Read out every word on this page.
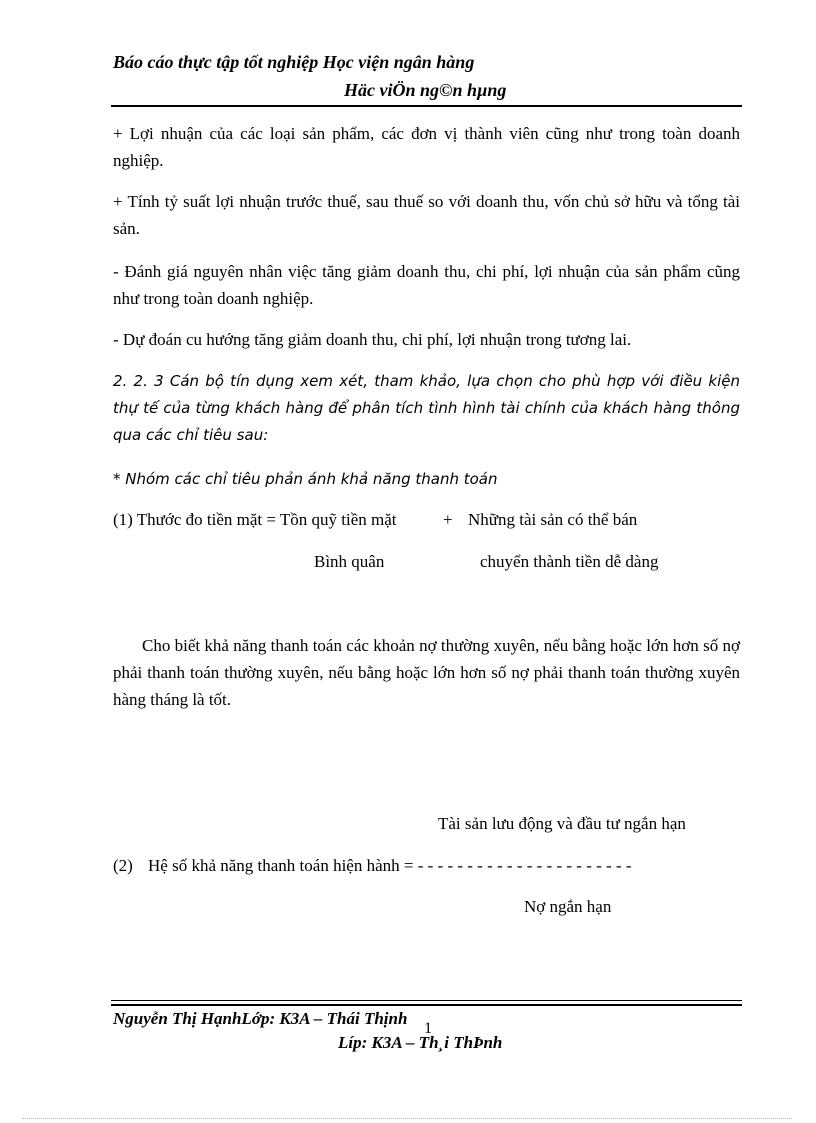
Báo cáo thực tập tốt nghiệp Học viện ngân hàng
Häc viÖn ng©n hµng
+ Lợi nhuận của các loại sản phẩm, các đơn vị thành viên cũng như trong toàn doanh nghiệp.
+ Tính tỷ suất lợi nhuận trước thuế, sau thuế so với doanh thu, vốn chủ sở hữu và tổng tài sản.
- Đánh giá nguyên nhân việc tăng giảm doanh thu, chi phí, lợi nhuận của sản phẩm cũng như trong toàn doanh nghiệp.
- Dự đoán cu hướng tăng giảm doanh thu, chi phí, lợi nhuận trong tương lai.
2. 2. 3 Cán bộ tín dụng xem xét, tham khảo, lựa chọn cho phù hợp với điều kiện thự tế của từng khách hàng để phân tích tình hình tài chính của khách hàng thông qua các chỉ tiêu sau:
* Nhóm các chỉ tiêu phản ánh khả năng thanh toán
(1) Thước đo tiền mặt = Tồn quỹ tiền mặt	+ Những tài sản có thể bán
Bình quân	chuyển thành tiền dễ dàng
Cho biết khả năng thanh toán các khoản nợ thường xuyên, nếu bằng hoặc lớn hơn số nợ phải thanh toán thường xuyên, nếu bằng hoặc lớn hơn số nợ phải thanh toán thường xuyên hàng tháng là tốt.
Tài sản lưu động và đầu tư ngắn hạn
(2) Hệ số khả năng thanh toán hiện hành = - - - - - - - - - - - - - - - - - - - - - -
Nợ ngắn hạn
Nguyễn Thị HạnhLớp: K3A – Thái Thịnh
1
Líp: K3A – Th¸i ThÞnh
